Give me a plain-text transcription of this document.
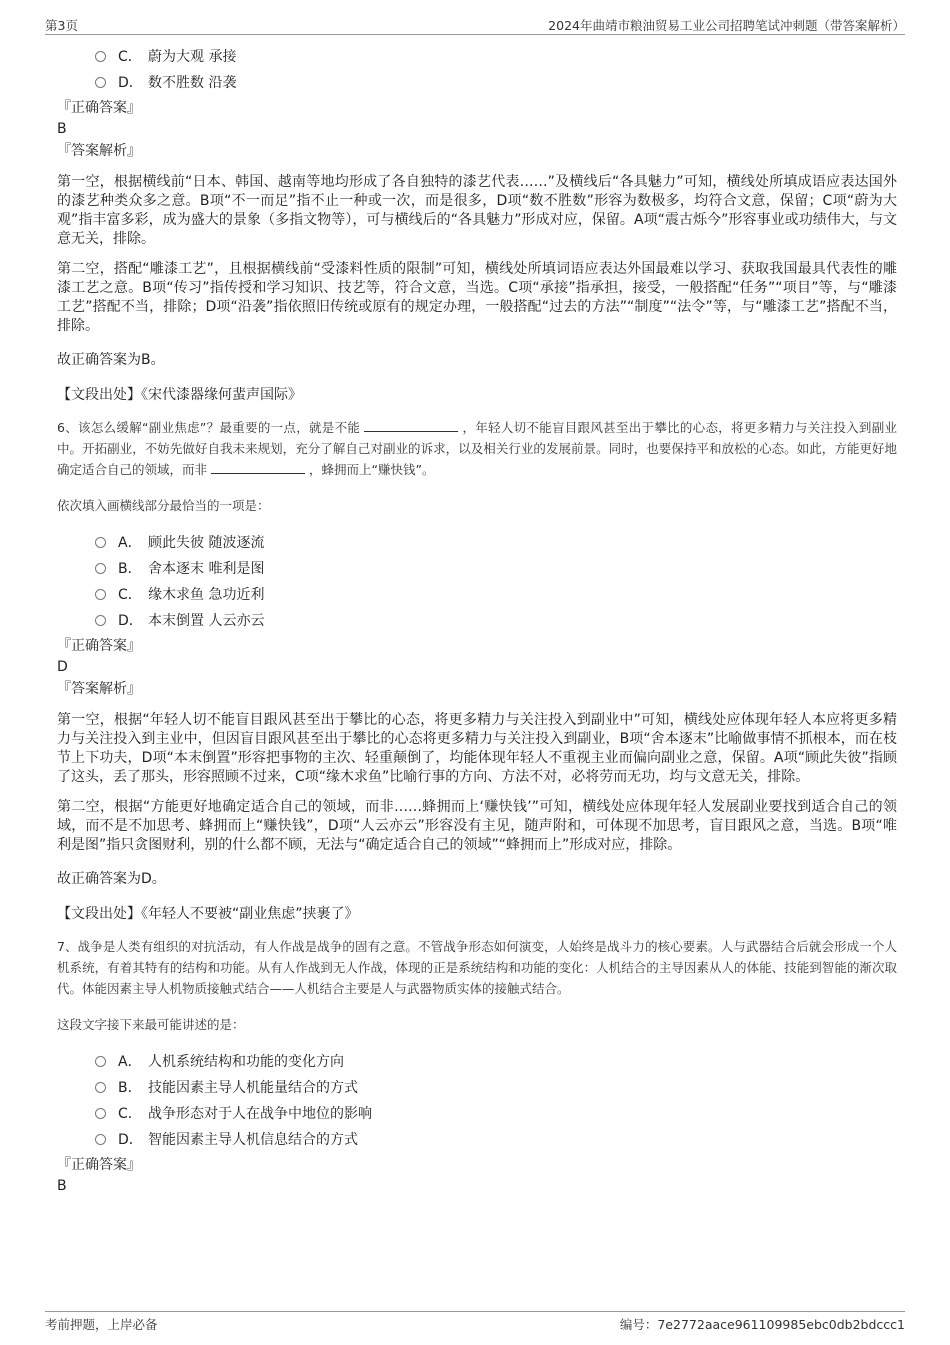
第3页	2024年曲靖市粮油贸易工业公司招聘笔试冲刺题（带答案解析）
C． 蔚为大观 承接
D． 数不胜数 沿袭
『正确答案』
B
『答案解析』

第一空，根据横线前“日本、韩国、越南等地均形成了各自独特的漆艺代表……”及横线后“各具魅力”可知，横线处所填成语应表达国外的漆艺种类众多之意。B项“不一而足”指不止一种或一次，而是很多，D项“数不胜数”形容为数极多，均符合文意，保留；C项“蔚为大观”指丰富多彩，成为盛大的景象（多指文物等），可与横线后的“各具魅力”形成对应，保留。A项“震古烁今”形容事业或功绩伟大，与文意无关，排除。

第二空，搭配“雕漆工艺”，且根据横线前“受漆料性质的限制”可知，横线处所填词语应表达外国最难以学习、获取我国最具代表性的雕漆工艺之意。B项“传习”指传授和学习知识、技艺等，符合文意，当选。C项“承接”指承担，接受，一般搭配“任务”“项目”等，与“雕漆工艺”搭配不当，排除；D项“沿袭”指依照旧传统或原有的规定办理，一般搭配“过去的方法”“制度”“法令”等，与“雕漆工艺”搭配不当，排除。

故正确答案为B。

【文段出处】《宋代漆器缘何蜚声国际》
6、该怎么缓解“副业焦虑”？最重要的一点，就是不能	，年轻人切不能盲目跟风甚至出于攀比的心态，将更多精力与关注投入到副业中。开拓副业，不妨先做好自我未来规划，充分了解自己对副业的诉求，以及相关行业的发展前景。同时，也要保持平和放松的心态。如此，方能更好地确定适合自己的领域，而非	，蜂拥而上“赚快钱”。
依次填入画横线部分最恰当的一项是：
A． 顾此失彼 随波逐流
B． 舍本逐末 唯利是图
C． 缘木求鱼 急功近利
D． 本末倒置 人云亦云
『正确答案』
D
『答案解析』

第一空，根据“年轻人切不能盲目跟风甚至出于攀比的心态，将更多精力与关注投入到副业中”可知，横线处应体现年轻人本应将更多精力与关注投入到主业中，但因盲目跟风甚至出于攀比的心态将更多精力与关注投入到副业，B项“舍本逐末”比喻做事情不抓根本，而在枝节上下功夫，D项“本末倒置”形容把事物的主次、轻重颠倒了，均能体现年轻人不重视主业而偏向副业之意，保留。A项“顾此失彼”指顾了这头，丢了那头，形容照顾不过来，C项“缘木求鱼”比喻行事的方向、方法不对，必将劳而无功，均与文意无关，排除。

第二空，根据“方能更好地确定适合自己的领域，而非……蜂拥而上‘赚快钱’”可知，横线处应体现年轻人发展副业要找到适合自己的领域，而不是不加思考、蜂拥而上“赚快钱”，D项“人云亦云”形容没有主见，随声附和，可体现不加思考，盲目跟风之意，当选。B项“唯利是图”指只贪图财利，别的什么都不顾，无法与“确定适合自己的领域”“蜂拥而上”形成对应，排除。

故正确答案为D。

【文段出处】《年轻人不要被“副业焦虑”挟裹了》
7、战争是人类有组织的对抗活动，有人作战是战争的固有之意。不管战争形态如何演变，人始终是战斗力的核心要素。人与武器结合后就会形成一个人机系统，有着其特有的结构和功能。从有人作战到无人作战，体现的正是系统结构和功能的变化：人机结合的主导因素从人的体能、技能到智能的渐次取代。体能因素主导人机物质接触式结合——人机结合主要是人与武器物质实体的接触式结合。
这段文字接下来最可能讲述的是：
A． 人机系统结构和功能的变化方向
B． 技能因素主导人机能量结合的方式
C． 战争形态对于人在战争中地位的影响
D． 智能因素主导人机信息结合的方式
『正确答案』
B
考前押题，上岸必备	编号：7e2772aace961109985ebc0db2bdccc1
